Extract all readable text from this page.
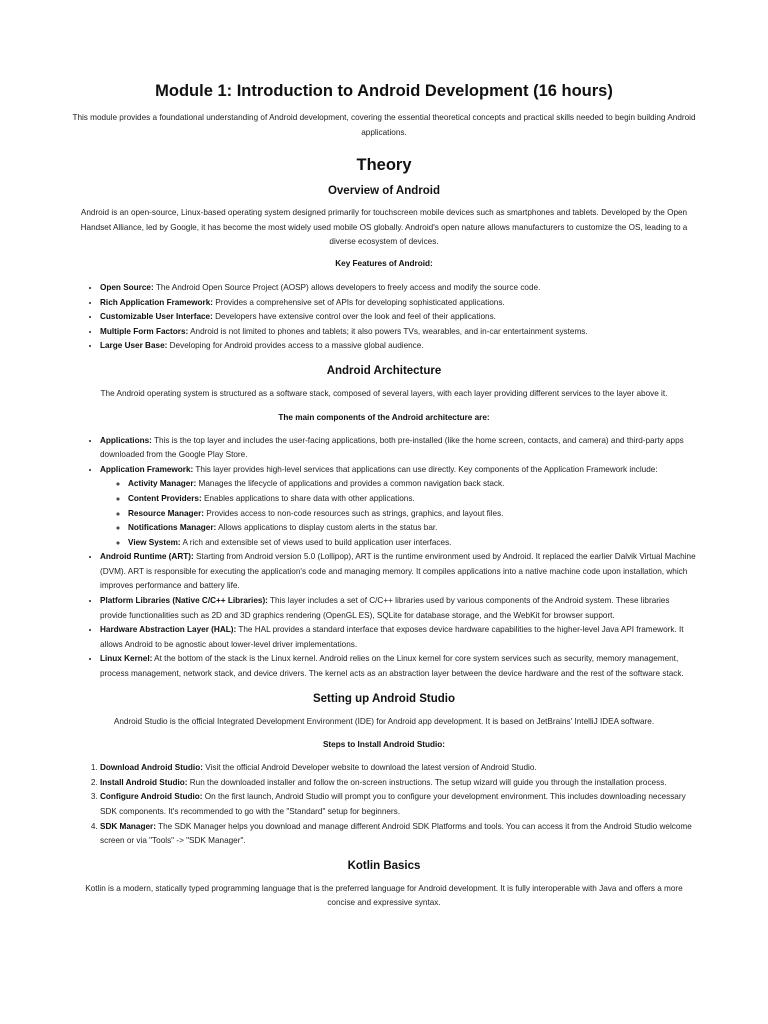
Module 1: Introduction to Android Development (16 hours)

This module provides a foundational understanding of Android development, covering the essential theoretical concepts and practical skills needed to begin building Android applications.

Theory
Overview of Android

Android is an open-source, Linux-based operating system designed primarily for touchscreen mobile devices such as smartphones and tablets. Developed by the Open Handset Alliance, led by Google, it has become the most widely used mobile OS globally. Android's open nature allows manufacturers to customize the OS, leading to a diverse ecosystem of devices.

Key Features of Android:

• Open Source: The Android Open Source Project (AOSP) allows developers to freely access and modify the source code.
• Rich Application Framework: Provides a comprehensive set of APIs for developing sophisticated applications.
• Customizable User Interface: Developers have extensive control over the look and feel of their applications.
• Multiple Form Factors: Android is not limited to phones and tablets; it also powers TVs, wearables, and in-car entertainment systems.
• Large User Base: Developing for Android provides access to a massive global audience.
Android Architecture

The Android operating system is structured as a software stack, composed of several layers, with each layer providing different services to the layer above it.

The main components of the Android architecture are:

• Applications: This is the top layer and includes the user-facing applications, both pre-installed (like the home screen, contacts, and camera) and third-party apps downloaded from the Google Play Store.
• Application Framework: This layer provides high-level services that applications can use directly. Key components of the Application Framework include:
◦ Activity Manager: Manages the lifecycle of applications and provides a common navigation back stack.
◦ Content Providers: Enables applications to share data with other applications.
◦ Resource Manager: Provides access to non-code resources such as strings, graphics, and layout files.
◦ Notifications Manager: Allows applications to display custom alerts in the status bar.
◦ View System: A rich and extensible set of views used to build application user interfaces.
• Android Runtime (ART): Starting from Android version 5.0 (Lollipop), ART is the runtime environment used by Android. It replaced the earlier Dalvik Virtual Machine (DVM). ART is responsible for executing the application's code and managing memory. It compiles applications into a native machine code upon installation, which improves performance and battery life.
• Platform Libraries (Native C/C++ Libraries): This layer includes a set of C/C++ libraries used by various components of the Android system. These libraries provide functionalities such as 2D and 3D graphics rendering (OpenGL ES), SQLite for database storage, and the WebKit for browser support.
• Hardware Abstraction Layer (HAL): The HAL provides a standard interface that exposes device hardware capabilities to the higher-level Java API framework. It allows Android to be agnostic about lower-level driver implementations.
• Linux Kernel: At the bottom of the stack is the Linux kernel. Android relies on the Linux kernel for core system services such as security, memory management, process management, network stack, and device drivers. The kernel acts as an abstraction layer between the device hardware and the rest of the software stack.
Setting up Android Studio

Android Studio is the official Integrated Development Environment (IDE) for Android app development. It is based on JetBrains' IntelliJ IDEA software.

Steps to Install Android Studio:

1. Download Android Studio: Visit the official Android Developer website to download the latest version of Android Studio.
2. Install Android Studio: Run the downloaded installer and follow the on-screen instructions. The setup wizard will guide you through the installation process.
3. Configure Android Studio: On the first launch, Android Studio will prompt you to configure your development environment. This includes downloading necessary SDK components. It's recommended to go with the "Standard" setup for beginners.
4. SDK Manager: The SDK Manager helps you download and manage different Android SDK Platforms and tools. You can access it from the Android Studio welcome screen or via "Tools" -> "SDK Manager".
Kotlin Basics

Kotlin is a modern, statically typed programming language that is the preferred language for Android development. It is fully interoperable with Java and offers a more concise and expressive syntax.
